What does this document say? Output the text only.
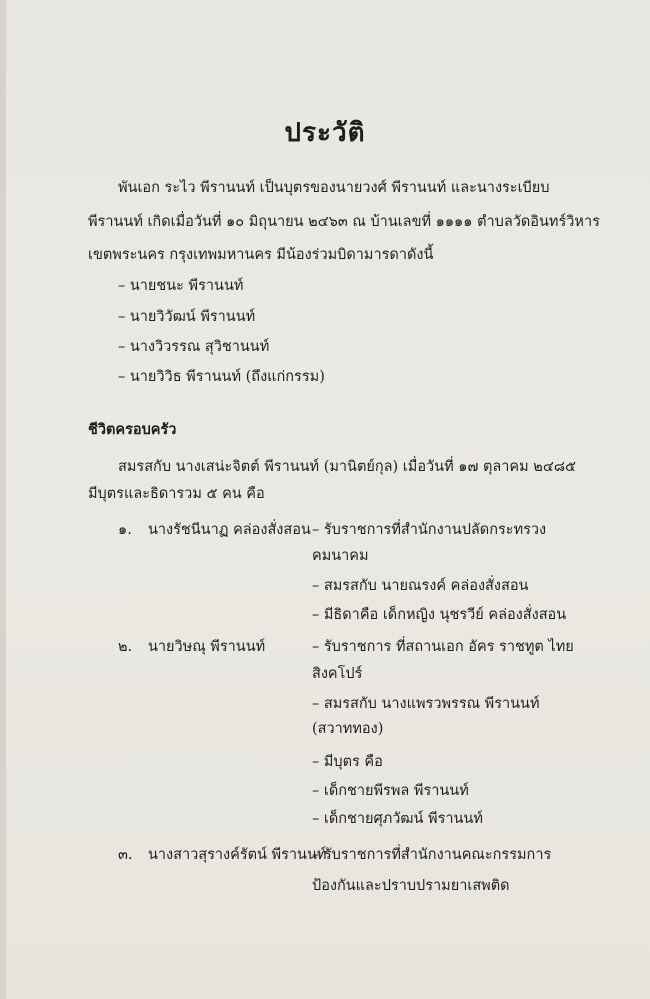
ประวัติ
พันเอก ระไว พีรานนท์ เป็นบุตรของนายวงศ์ พีรานนท์ และนางระเบียบ
พีรานนท์ เกิดเมื่อวันที่ ๑๐ มิถุนายน ๒๔๖๓ ณ บ้านเลขที่ ๑๑๑๑ ตำบลวัดอินทร์วิหาร
เขตพระนคร กรุงเทพมหานคร มีน้องร่วมบิดามารดาดังนี้
– นายชนะ พีรานนท์
– นายวิวัฒน์ พีรานนท์
– นางวิวรรณ สุวิชานนท์
– นายวิวิธ พีรานนท์ (ถึงแก่กรรม)
ชีวิตครอบครัว
สมรสกับ นางเสน่ะจิตต์ พีรานนท์ (มานิตย์กุล) เมื่อวันที่ ๑๗ ตุลาคม ๒๔๘๕
มีบุตรและธิดารวม ๕ คน คือ
๑. นางรัชนีนาฏ คล่องสั่งสอน – รับราชการที่สำนักงานปลัดกระทรวง
คมนาคม
– สมรสกับ นายณรงค์ คล่องสั่งสอน
– มีธิดาคือ เด็กหญิง นุชรวีย์ คล่องสั่งสอน
๒. นายวิษณุ พีรานนท์	– รับราชการ ที่สถานเอก อัคร ราชทูต ไทย
สิงคโปร์
– สมรสกับ นางแพรวพรรณ พีรานนท์
(สวาททอง)
– มีบุตร คือ
– เด็กชายพีรพล พีรานนท์
– เด็กชายศุภวัฒน์ พีรานนท์
๓. นางสาวสุรางค์รัตน์ พีรานนท์
– รับราชการที่สำนักงานคณะกรรมการ
ป้องกันและปราบปรามยาเสพติด
